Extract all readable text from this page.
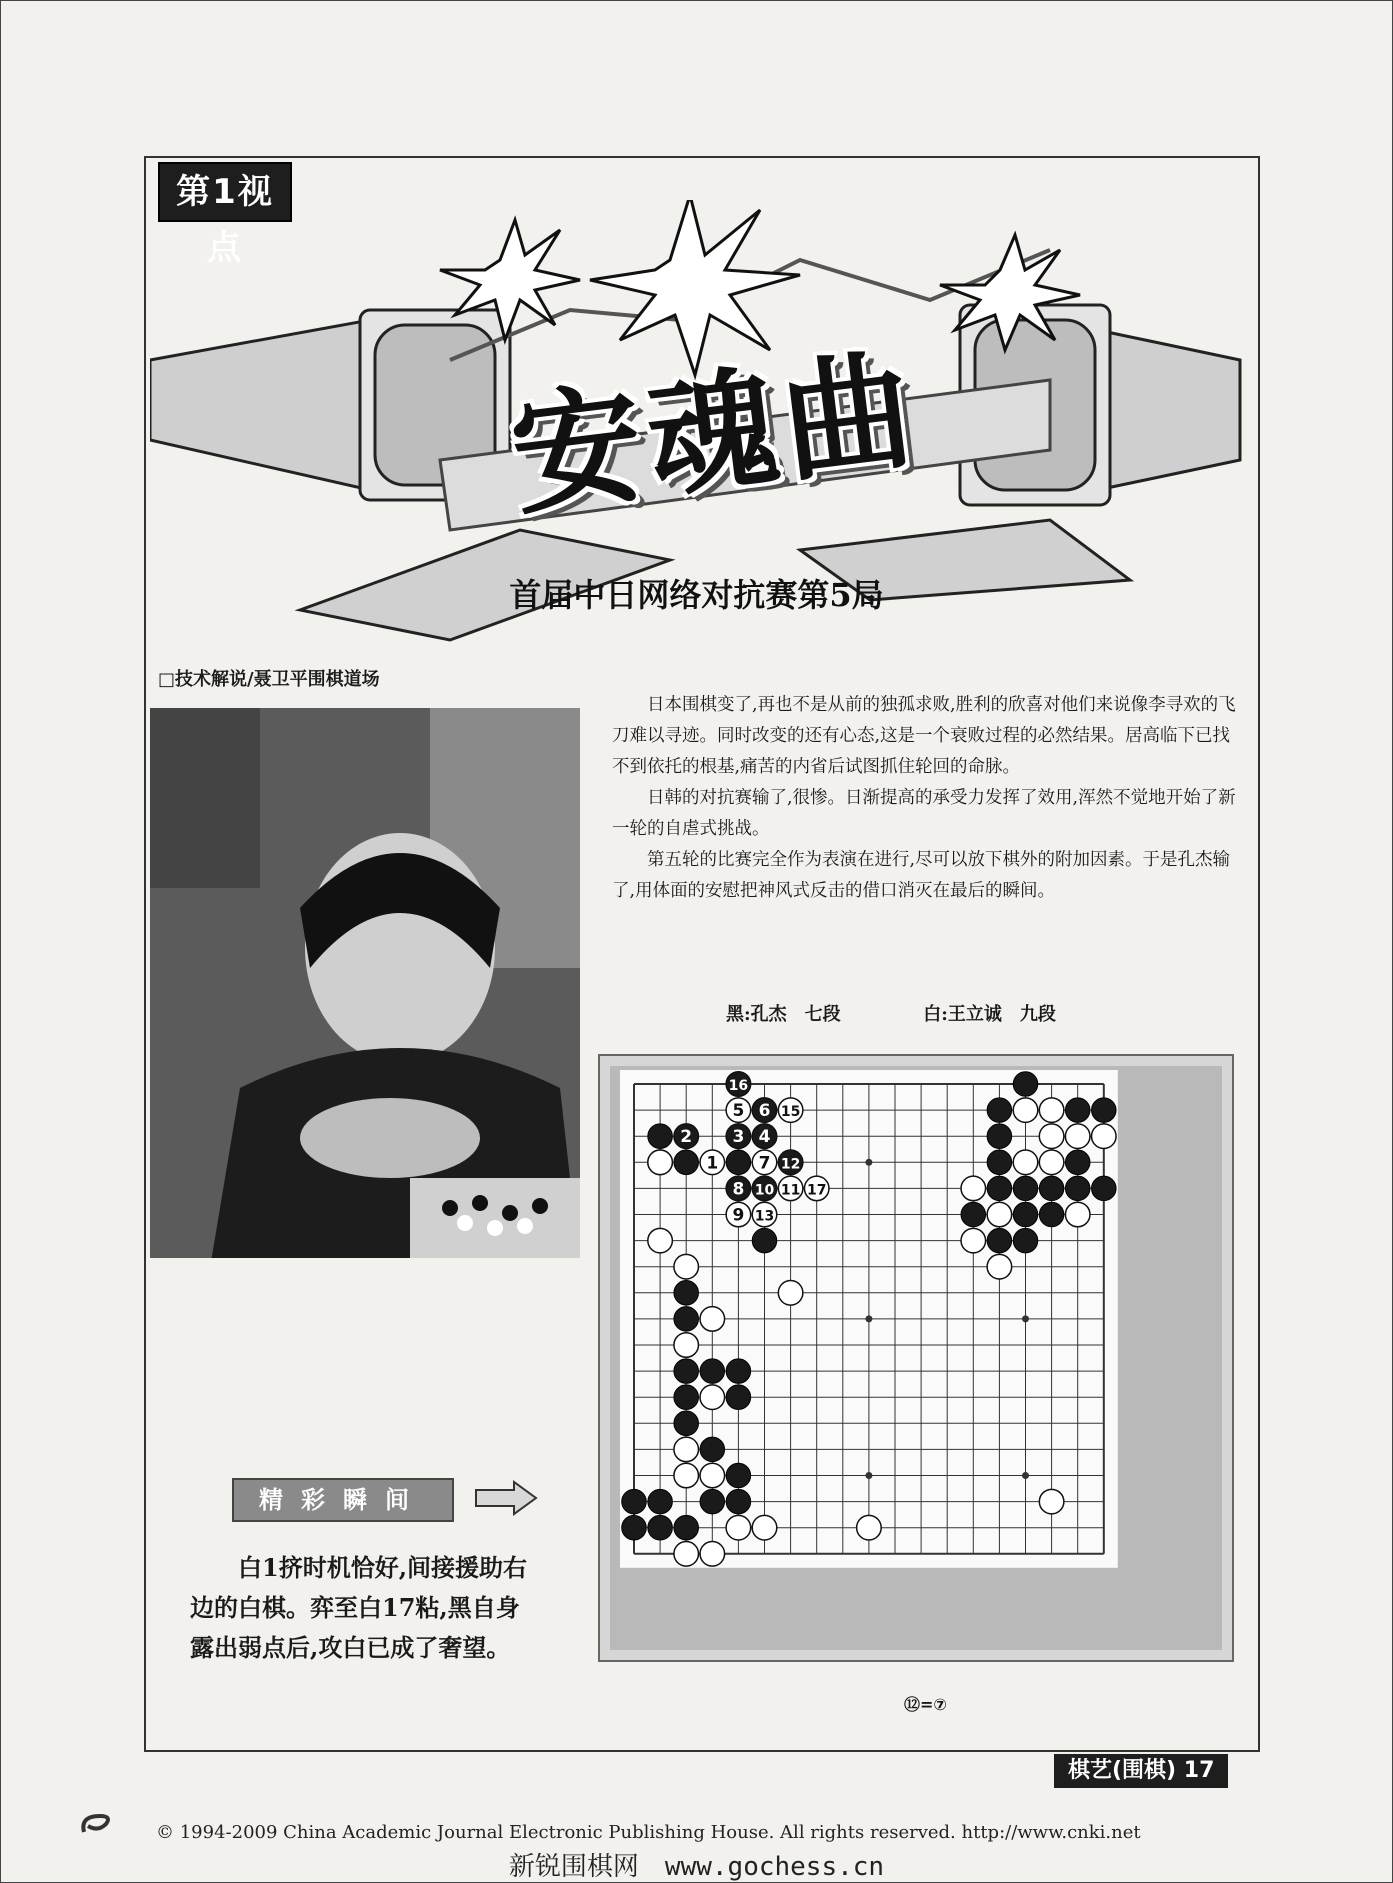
第1视点
安魂曲
首届中日网络对抗赛第5局
□技术解说/聂卫平围棋道场

日本围棋变了,再也不是从前的独孤求败,胜利的欣喜对他们来说像李寻欢的飞刀难以寻迹。同时改变的还有心态,这是一个衰败过程的必然结果。居高临下已找不到依托的根基,痛苦的内省后试图抓住轮回的命脉。

日韩的对抗赛输了,很惨。日渐提高的承受力发挥了效用,浑然不觉地开始了新一轮的自虐式挑战。

第五轮的比赛完全作为表演在进行,尽可以放下棋外的附加因素。于是孔杰输了,用体面的安慰把神风式反击的借口消灭在最后的瞬间。

黑:孔杰　七段	白:王立诚　九段
16
5 6 15
2 3 4
1 7 12
8 10 11 17
9 13
精彩瞬间

白1挤时机恰好,间接援助右边的白棋。弈至白17粘,黑自身露出弱点后,攻白已成了奢望。

⑫=⑦
棋艺(围棋) 17
© 1994-2009 China Academic Journal Electronic Publishing House. All rights reserved. http://www.cnki.net
新锐围棋网　www.gochess.cn
